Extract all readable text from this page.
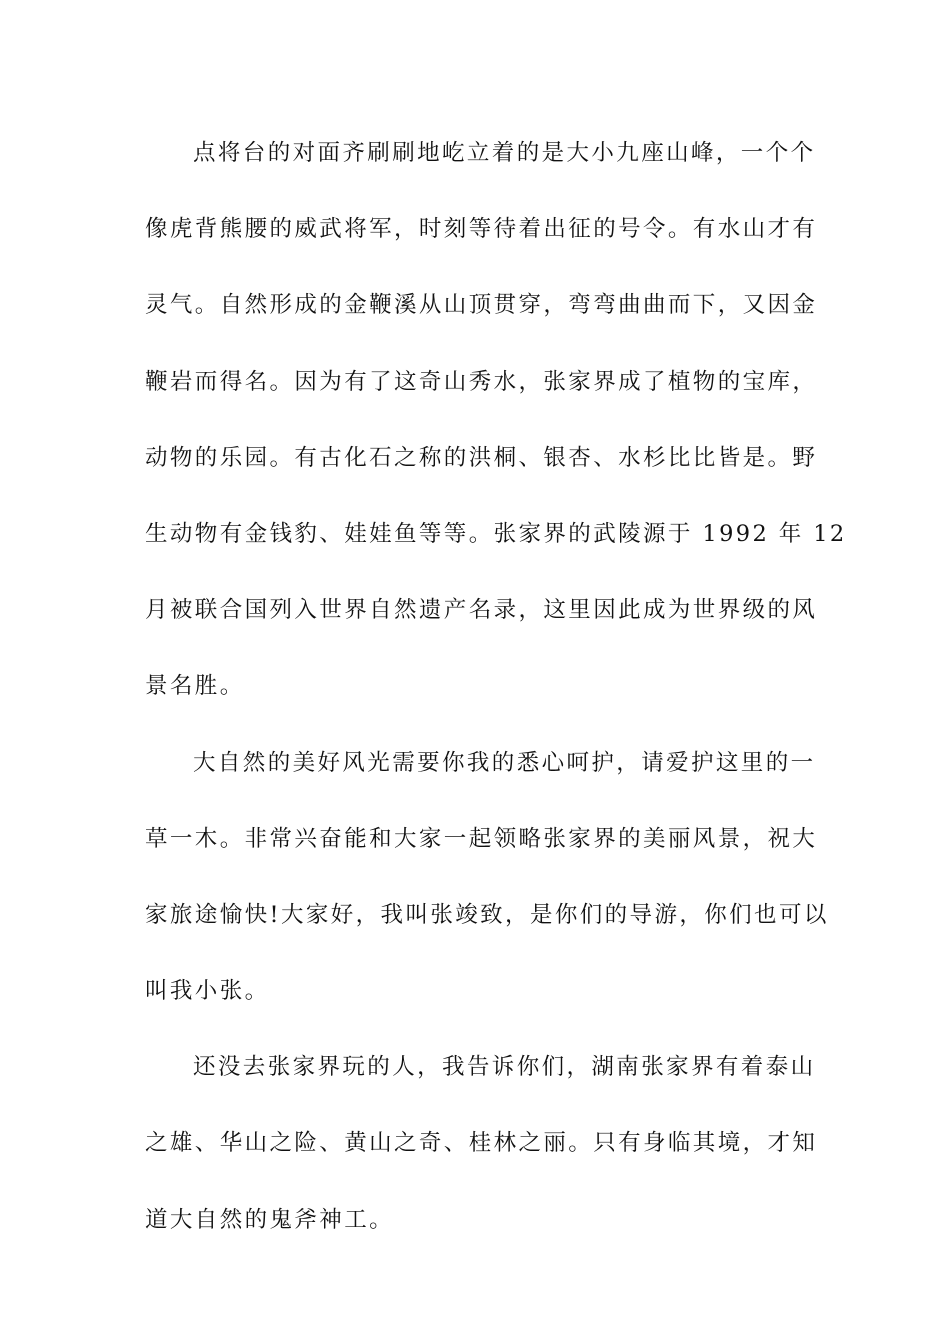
点将台的对面齐刷刷地屹立着的是大小九座山峰，一个个
像虎背熊腰的威武将军，时刻等待着出征的号令。有水山才有
灵气。自然形成的金鞭溪从山顶贯穿，弯弯曲曲而下，又因金
鞭岩而得名。因为有了这奇山秀水，张家界成了植物的宝库，
动物的乐园。有古化石之称的洪桐、银杏、水杉比比皆是。野
生动物有金钱豹、娃娃鱼等等。张家界的武陵源于 1992 年 12
月被联合国列入世界自然遗产名录，这里因此成为世界级的风
景名胜。
大自然的美好风光需要你我的悉心呵护，请爱护这里的一
草一木。非常兴奋能和大家一起领略张家界的美丽风景，祝大
家旅途愉快!大家好，我叫张竣致，是你们的导游，你们也可以
叫我小张。
还没去张家界玩的人，我告诉你们，湖南张家界有着泰山
之雄、华山之险、黄山之奇、桂林之丽。只有身临其境，才知
道大自然的鬼斧神工。
